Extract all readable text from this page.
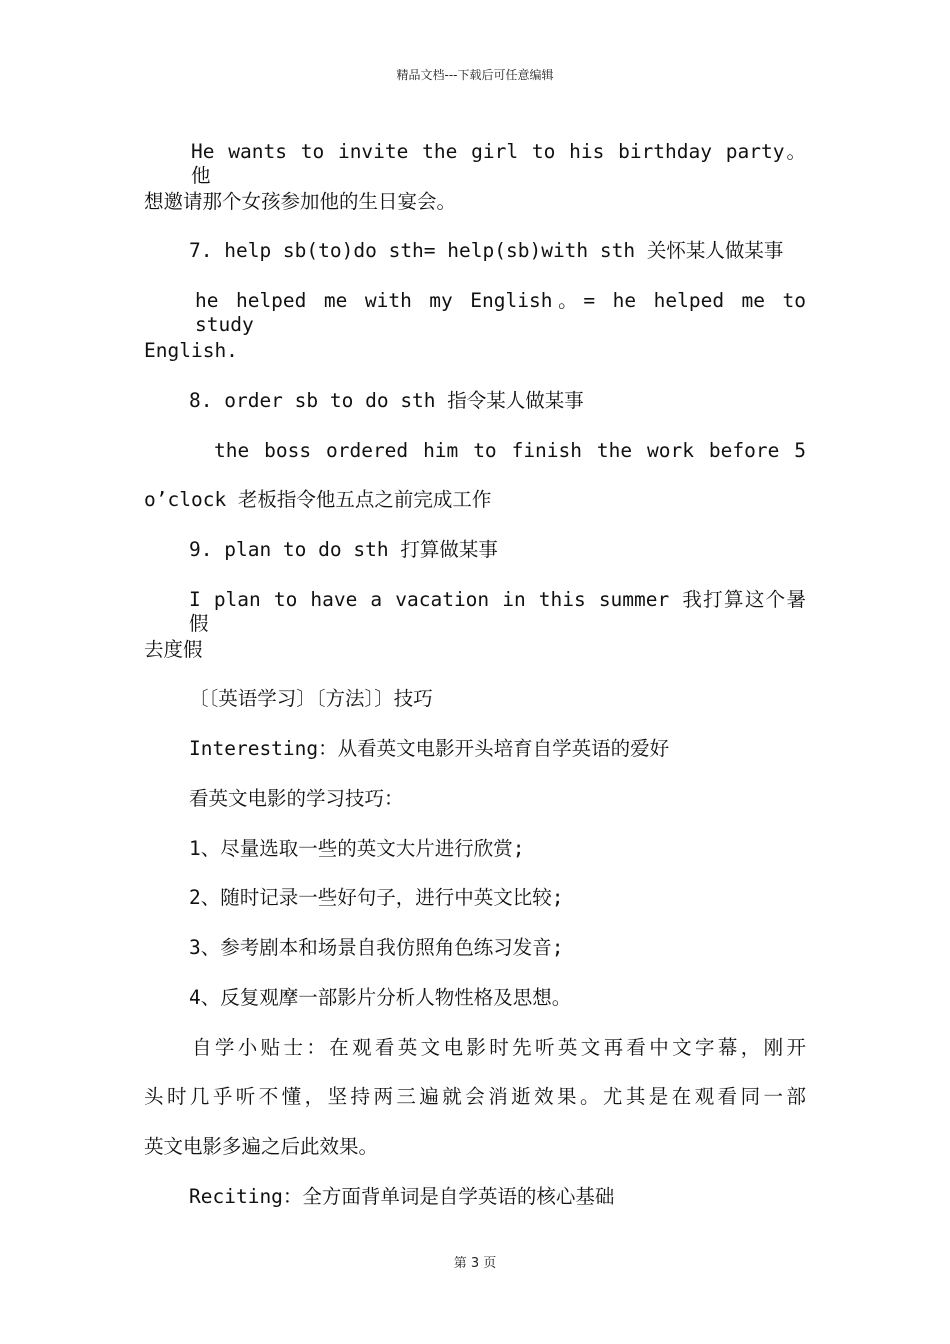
精品文档---下载后可任意编辑
He wants to invite the girl to his birthday party。 他
想邀请那个女孩参加他的生日宴会。
7. help sb(to)do sth= help(sb)with sth 关怀某人做某事
he helped me with my English。= he helped me to study
English.
8. order sb to do sth 指令某人做某事
the boss ordered him to finish the work before 5
o’clock 老板指令他五点之前完成工作
9. plan to do sth 打算做某事
I plan to have a vacation in this summer 我打算这个暑假
去度假
〔〔英语学习〕〔方法〕〕技巧
Interesting：从看英文电影开头培育自学英语的爱好
看英文电影的学习技巧：
1、尽量选取一些的英文大片进行欣赏;
2、随时记录一些好句子，进行中英文比较;
3、参考剧本和场景自我仿照角色练习发音;
4、反复观摩一部影片分析人物性格及思想。
自学小贴士：在观看英文电影时先听英文再看中文字幕，刚开
头时几乎听不懂，坚持两三遍就会消逝效果。尤其是在观看同一部
英文电影多遍之后此效果。
Reciting：全方面背单词是自学英语的核心基础
第 3 页
